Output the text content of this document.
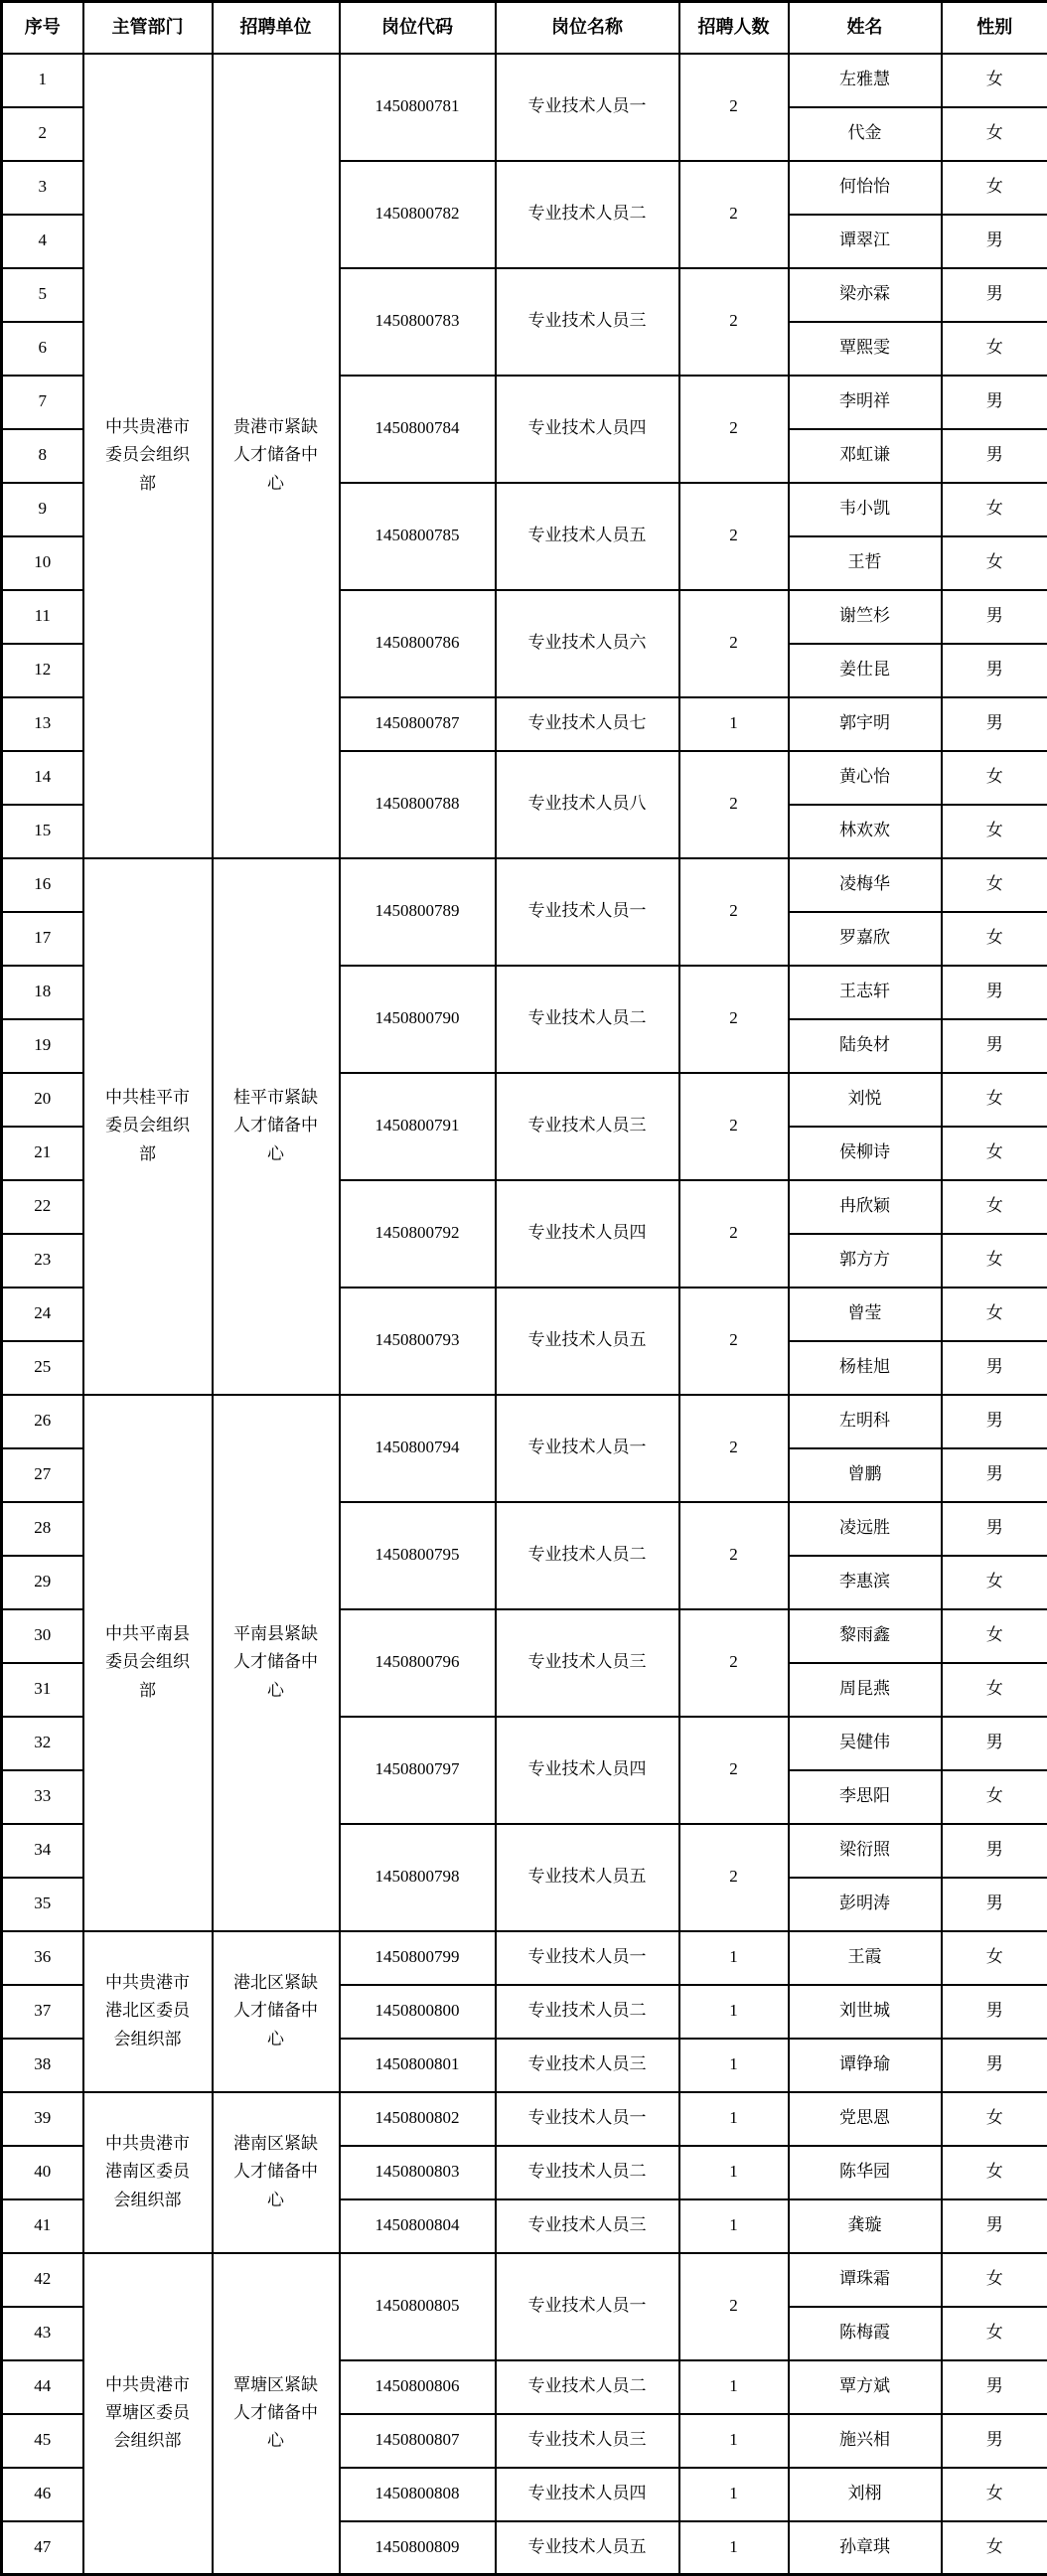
序号	主管部门	招聘单位	岗位代码	岗位名称	招聘人数	姓名	性别
1	中共贵港市委员会组织部	贵港市紧缺人才储备中心	1450800781	专业技术人员一	2	左雅慧	女
2						代金	女
3			1450800782	专业技术人员二	2	何怡怡	女
4						谭翠江	男
5			1450800783	专业技术人员三	2	梁亦霖	男
6						覃熙雯	女
7			1450800784	专业技术人员四	2	李明祥	男
8						邓虹谦	男
9			1450800785	专业技术人员五	2	韦小凯	女
10						王哲	女
11			1450800786	专业技术人员六	2	谢竺杉	男
12						姜仕昆	男
13			1450800787	专业技术人员七	1	郭宇明	男
14			1450800788	专业技术人员八	2	黄心怡	女
15						林欢欢	女
16	中共桂平市委员会组织部	桂平市紧缺人才储备中心	1450800789	专业技术人员一	2	凌梅华	女
17						罗嘉欣	女
18			1450800790	专业技术人员二	2	王志轩	男
19						陆奂材	男
20			1450800791	专业技术人员三	2	刘悦	女
21						侯柳诗	女
22			1450800792	专业技术人员四	2	冉欣颖	女
23						郭方方	女
24			1450800793	专业技术人员五	2	曾莹	女
25						杨桂旭	男
26	中共平南县委员会组织部	平南县紧缺人才储备中心	1450800794	专业技术人员一	2	左明科	男
27						曾鹏	男
28			1450800795	专业技术人员二	2	凌远胜	男
29						李惠滨	女
30			1450800796	专业技术人员三	2	黎雨鑫	女
31						周昆燕	女
32			1450800797	专业技术人员四	2	吴健伟	男
33						李思阳	女
34			1450800798	专业技术人员五	2	梁衍照	男
35						彭明涛	男
36	中共贵港市港北区委员会组织部	港北区紧缺人才储备中心	1450800799	专业技术人员一	1	王霞	女
37			1450800800	专业技术人员二	1	刘世城	男
38			1450800801	专业技术人员三	1	谭铮瑜	男
39	中共贵港市港南区委员会组织部	港南区紧缺人才储备中心	1450800802	专业技术人员一	1	党思恩	女
40			1450800803	专业技术人员二	1	陈华园	女
41			1450800804	专业技术人员三	1	龚璇	男
42	中共贵港市覃塘区委员会组织部	覃塘区紧缺人才储备中心	1450800805	专业技术人员一	2	谭珠霜	女
43						陈梅霞	女
44			1450800806	专业技术人员二	1	覃方斌	男
45			1450800807	专业技术人员三	1	施兴相	男
46			1450800808	专业技术人员四	1	刘栩	女
47			1450800809	专业技术人员五	1	孙章琪	女
